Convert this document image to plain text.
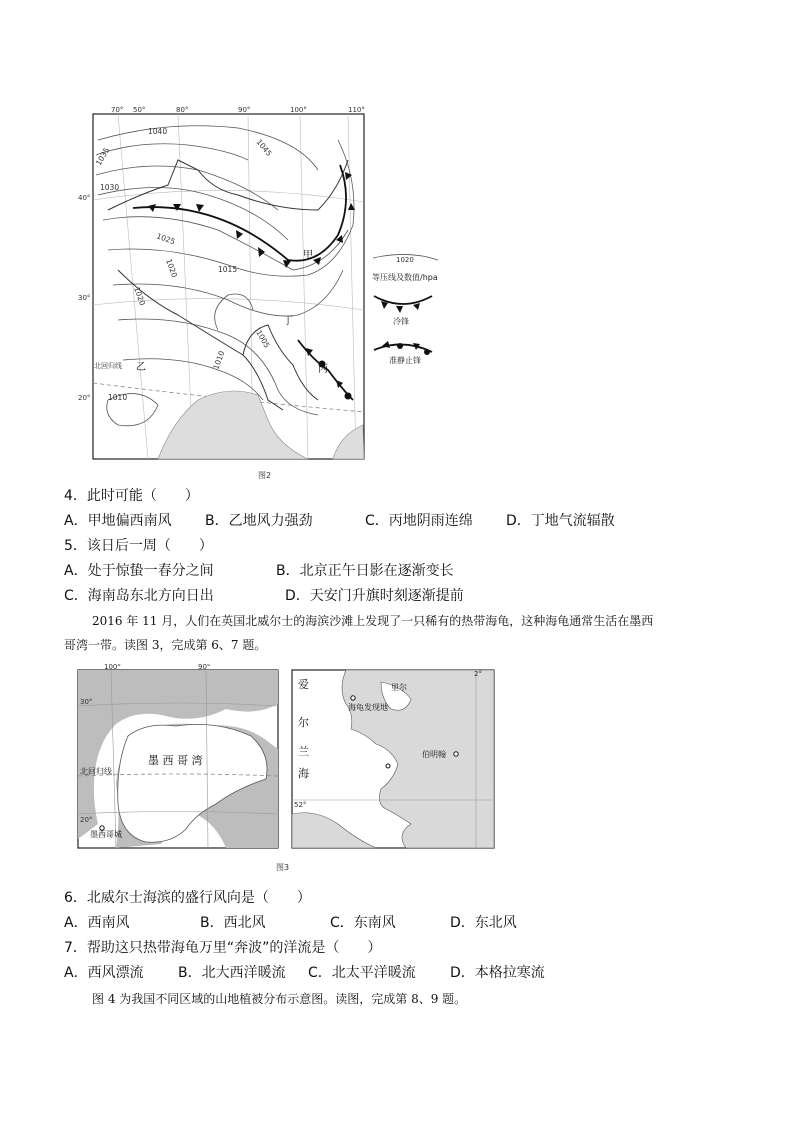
70° 50°	80°	90°	100°	110°
40°
30°
20°
1040
1045
1035
1030
1025
1020	1015
1020
1005
1010
1010
甲
乙	丙
丁
北回归线
1020
等压线及数值/hpa
冷锋
准静止锋
图2
4．此时可能（　　）
A．甲地偏西南风 B．乙地风力强劲	C．丙地阴雨连绵 D．丁地气流辐散
5．该日后一周（　　）
A．处于惊蛰一春分之间	B．北京正午日影在逐渐变长
C．海南岛东北方向日出	D．天安门升旗时刻逐渐提前
2016 年 11 月，人们在英国北威尔士的海滨沙滩上发现了一只稀有的热带海龟，这种海龟通常生活在墨西
哥湾一带。读图 3，完成第 6、7 题。
100°	90°
30°
20°
墨 西 哥 湾
北回归线
墨西哥城
爱
尔
兰
海
2°
52°
里尔
海龟发现地
伯明翰
图3
6．北威尔士海滨的盛行风向是（　　）
A．西南风	B．西北风	C．东南风	D．东北风
7．帮助这只热带海龟万里“奔波”的洋流是（　　）
A．西风漂流 B．北大西洋暖流 C．北太平洋暖流 D．本格拉寒流
图 4 为我国不同区域的山地植被分布示意图。读图，完成第 8、9 题。
